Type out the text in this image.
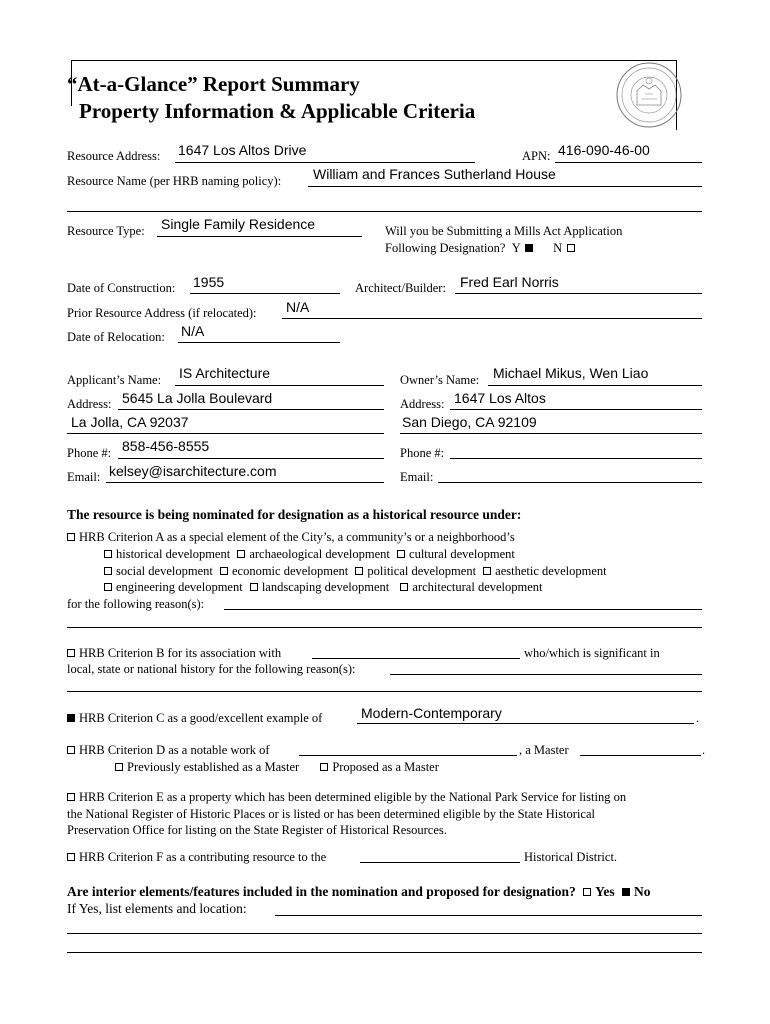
“At-a-Glance” Report Summary
Property Information & Applicable Criteria
Resource Address: 1647 Los Altos Drive	APN: 416-090-46-00
Resource Name (per HRB naming policy): William and Frances Sutherland House
Resource Type: Single Family Residence	Will you be Submitting a Mills Act Application
Following Designation? Y	N
Date of Construction: 1955	Architect/Builder: Fred Earl Norris
Prior Resource Address (if relocated): N/A
Date of Relocation: N/A
Applicant’s Name: IS Architecture
Address: 5645 La Jolla Boulevard
La Jolla, CA 92037
Phone #: 858-456-8555
Email: kelsey@isarchitecture.com
Owner’s Name: Michael Mikus, Wen Liao
Address: 1647 Los Altos
San Diego, CA 92109
Phone #:
Email:
The resource is being nominated for designation as a historical resource under:
HRB Criterion A as a special element of the City’s, a community’s or a neighborhood’s
historical development archaeological development cultural development
social development economic development political development aesthetic development
engineering development landscaping development architectural development
for the following reason(s):
HRB Criterion B for its association with	who/which is significant in
local, state or national history for the following reason(s):
HRB Criterion C as a good/excellent example of	Modern-Contemporary	.
HRB Criterion D as a notable work of	, a Master	.
Previously established as a Master	Proposed as a Master
HRB Criterion E as a property which has been determined eligible by the National Park Service for listing on
the National Register of Historic Places or is listed or has been determined eligible by the State Historical
Preservation Office for listing on the State Register of Historical Resources.
HRB Criterion F as a contributing resource to the	Historical District.
Are interior elements/features included in the nomination and proposed for designation? Yes No
If Yes, list elements and location:
